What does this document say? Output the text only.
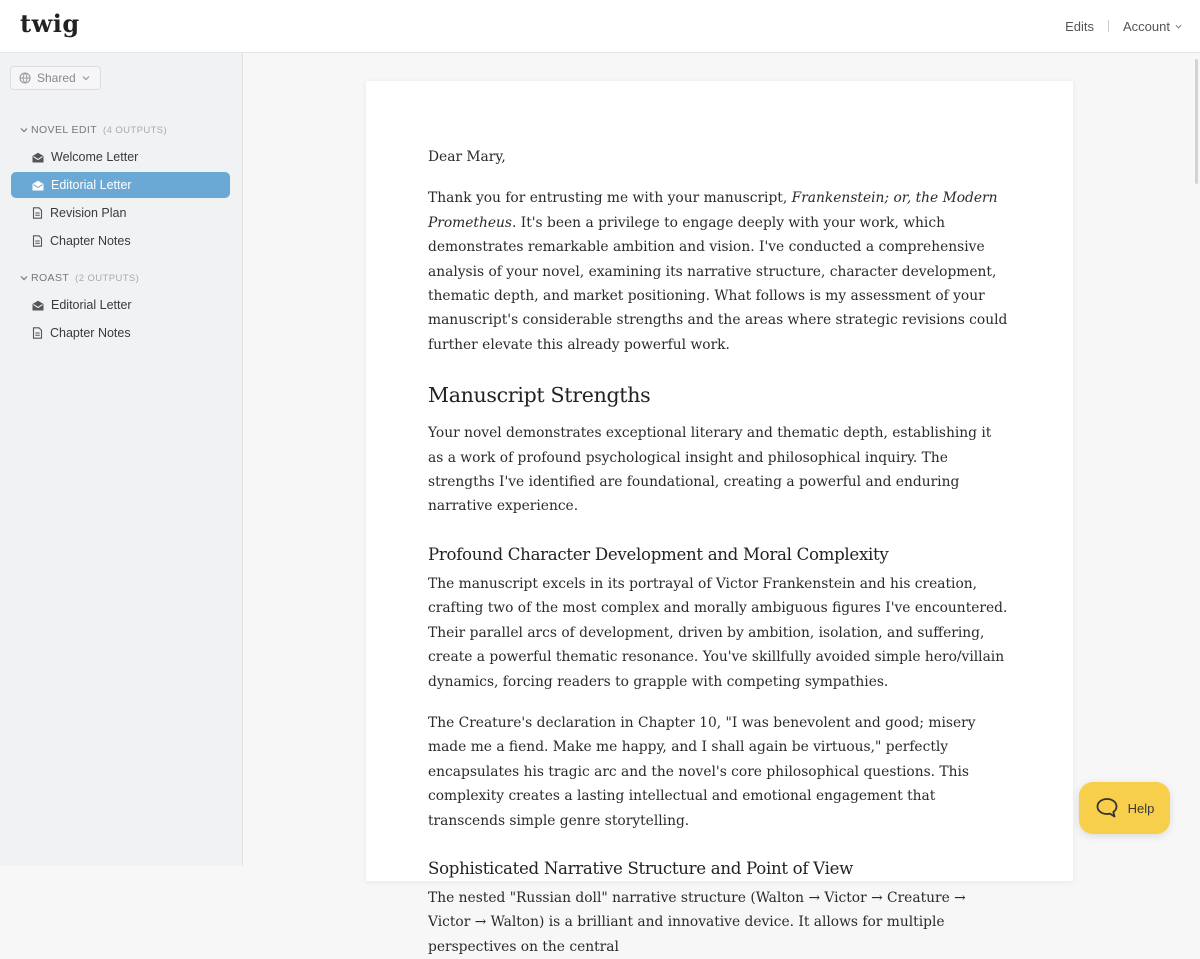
twig	Edits Account
Shared
NOVEL EDIT (4 OUTPUTS)
Welcome Letter
Editorial Letter
Revision Plan
Chapter Notes
ROAST (2 OUTPUTS)
Editorial Letter
Chapter Notes

Dear Mary,

Thank you for entrusting me with your manuscript, Frankenstein; or, the Modern Prometheus. It's been a privilege to engage deeply with your work, which demonstrates remarkable ambition and vision. I've conducted a comprehensive analysis of your novel, examining its narrative structure, character development, thematic depth, and market positioning. What follows is my assessment of your manuscript's considerable strengths and the areas where strategic revisions could further elevate this already powerful work.

Manuscript Strengths

Your novel demonstrates exceptional literary and thematic depth, establishing it as a work of profound psychological insight and philosophical inquiry. The strengths I've identified are foundational, creating a powerful and enduring narrative experience.

Profound Character Development and Moral Complexity

The manuscript excels in its portrayal of Victor Frankenstein and his creation, crafting two of the most complex and morally ambiguous figures I've encountered. Their parallel arcs of development, driven by ambition, isolation, and suffering, create a powerful thematic resonance. You've skillfully avoided simple hero/villain dynamics, forcing readers to grapple with competing sympathies.

The Creature's declaration in Chapter 10, "I was benevolent and good; misery made me a fiend. Make me happy, and I shall again be virtuous," perfectly encapsulates his tragic arc and the novel's core philosophical questions. This complexity creates a lasting intellectual and emotional engagement that transcends simple genre storytelling.

Sophisticated Narrative Structure and Point of View

The nested "Russian doll" narrative structure (Walton → Victor → Creature → Victor → Walton) is a brilliant and innovative device. It allows for multiple perspectives on the central

Help
